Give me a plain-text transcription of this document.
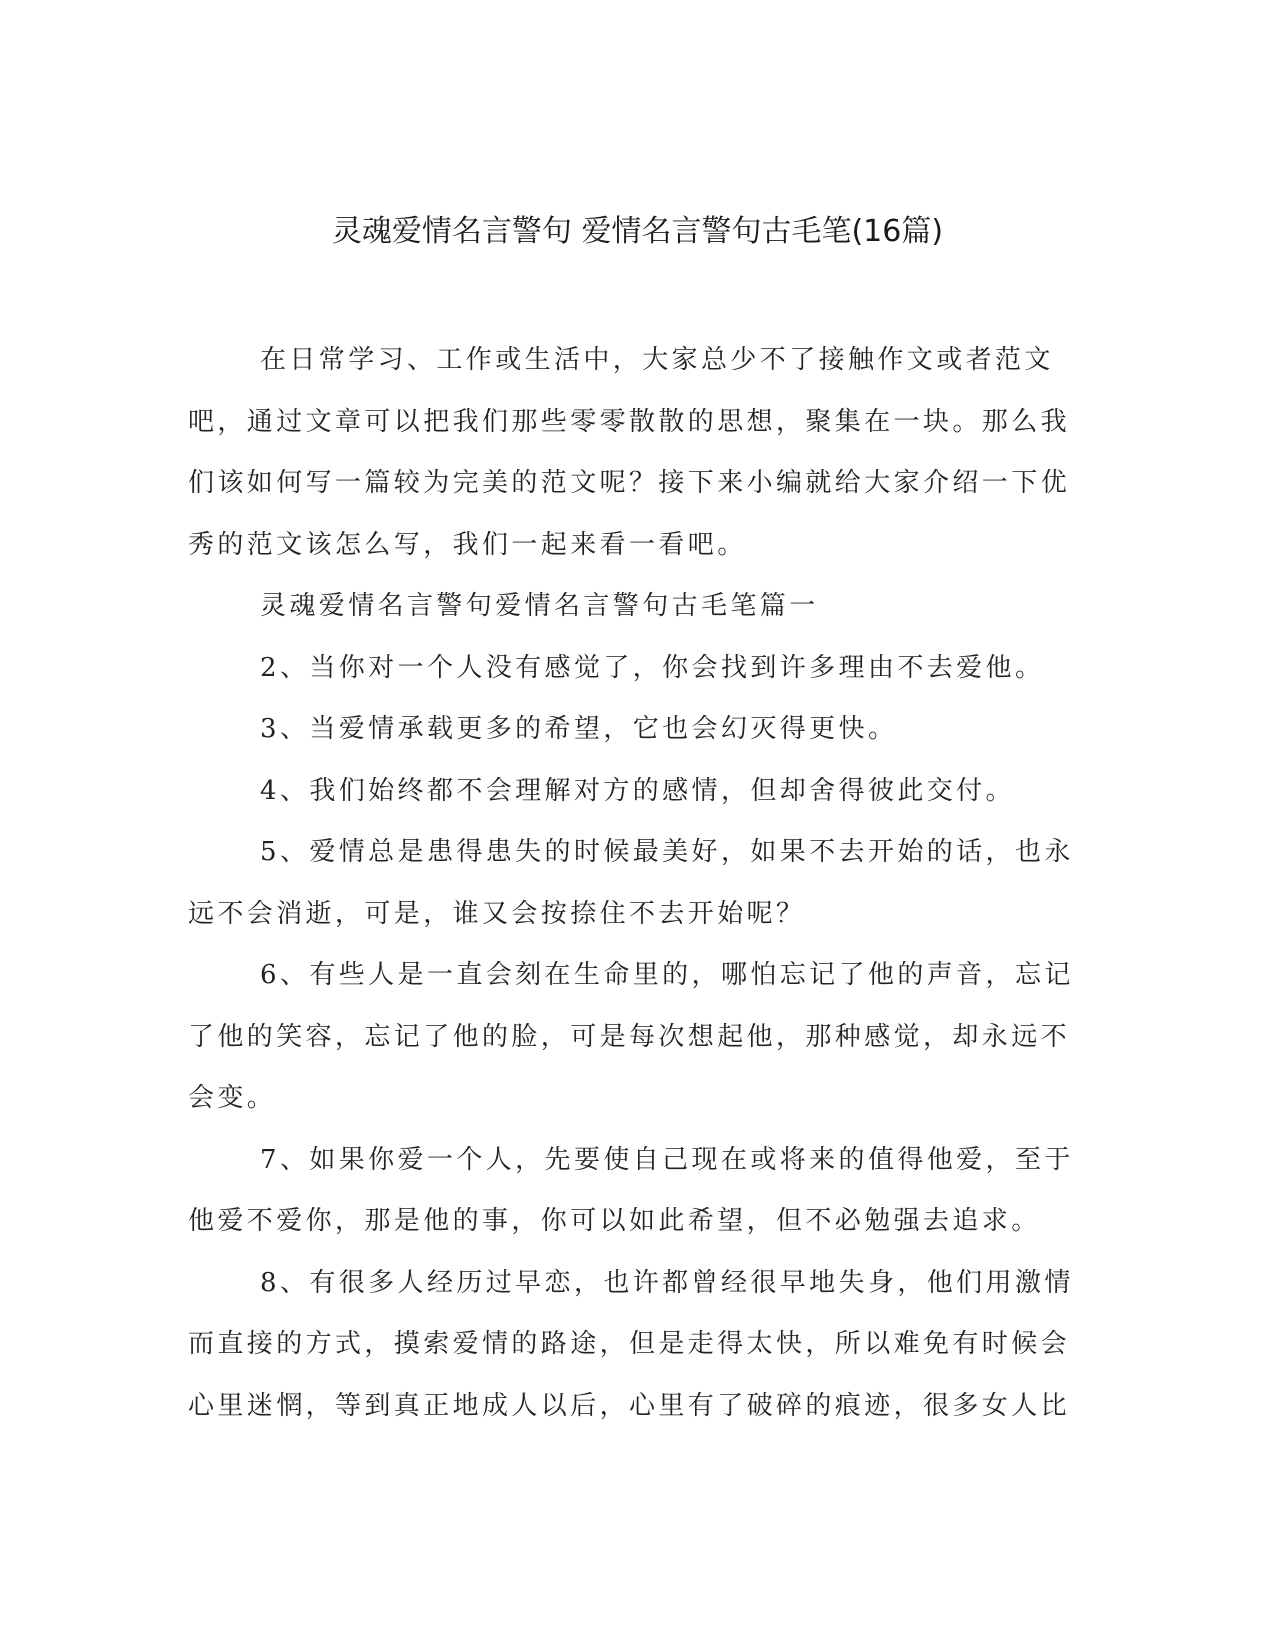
灵魂爱情名言警句 爱情名言警句古毛笔(16篇)

在日常学习、工作或生活中，大家总少不了接触作文或者范文吧，通过文章可以把我们那些零零散散的思想，聚集在一块。那么我们该如何写一篇较为完美的范文呢？接下来小编就给大家介绍一下优秀的范文该怎么写，我们一起来看一看吧。

灵魂爱情名言警句爱情名言警句古毛笔篇一

2、当你对一个人没有感觉了，你会找到许多理由不去爱他。

3、当爱情承载更多的希望，它也会幻灭得更快。

4、我们始终都不会理解对方的感情，但却舍得彼此交付。

5、爱情总是患得患失的时候最美好，如果不去开始的话，也永远不会消逝，可是，谁又会按捺住不去开始呢？

6、有些人是一直会刻在生命里的，哪怕忘记了他的声音，忘记了他的笑容，忘记了他的脸，可是每次想起他，那种感觉，却永远不会变。

7、如果你爱一个人，先要使自己现在或将来的值得他爱，至于他爱不爱你，那是他的事，你可以如此希望，但不必勉强去追求。

8、有很多人经历过早恋，也许都曾经很早地失身，他们用激情而直接的方式，摸索爱情的路途，但是走得太快，所以难免有时候会心里迷惘，等到真正地成人以后，心里有了破碎的痕迹，很多女人比
